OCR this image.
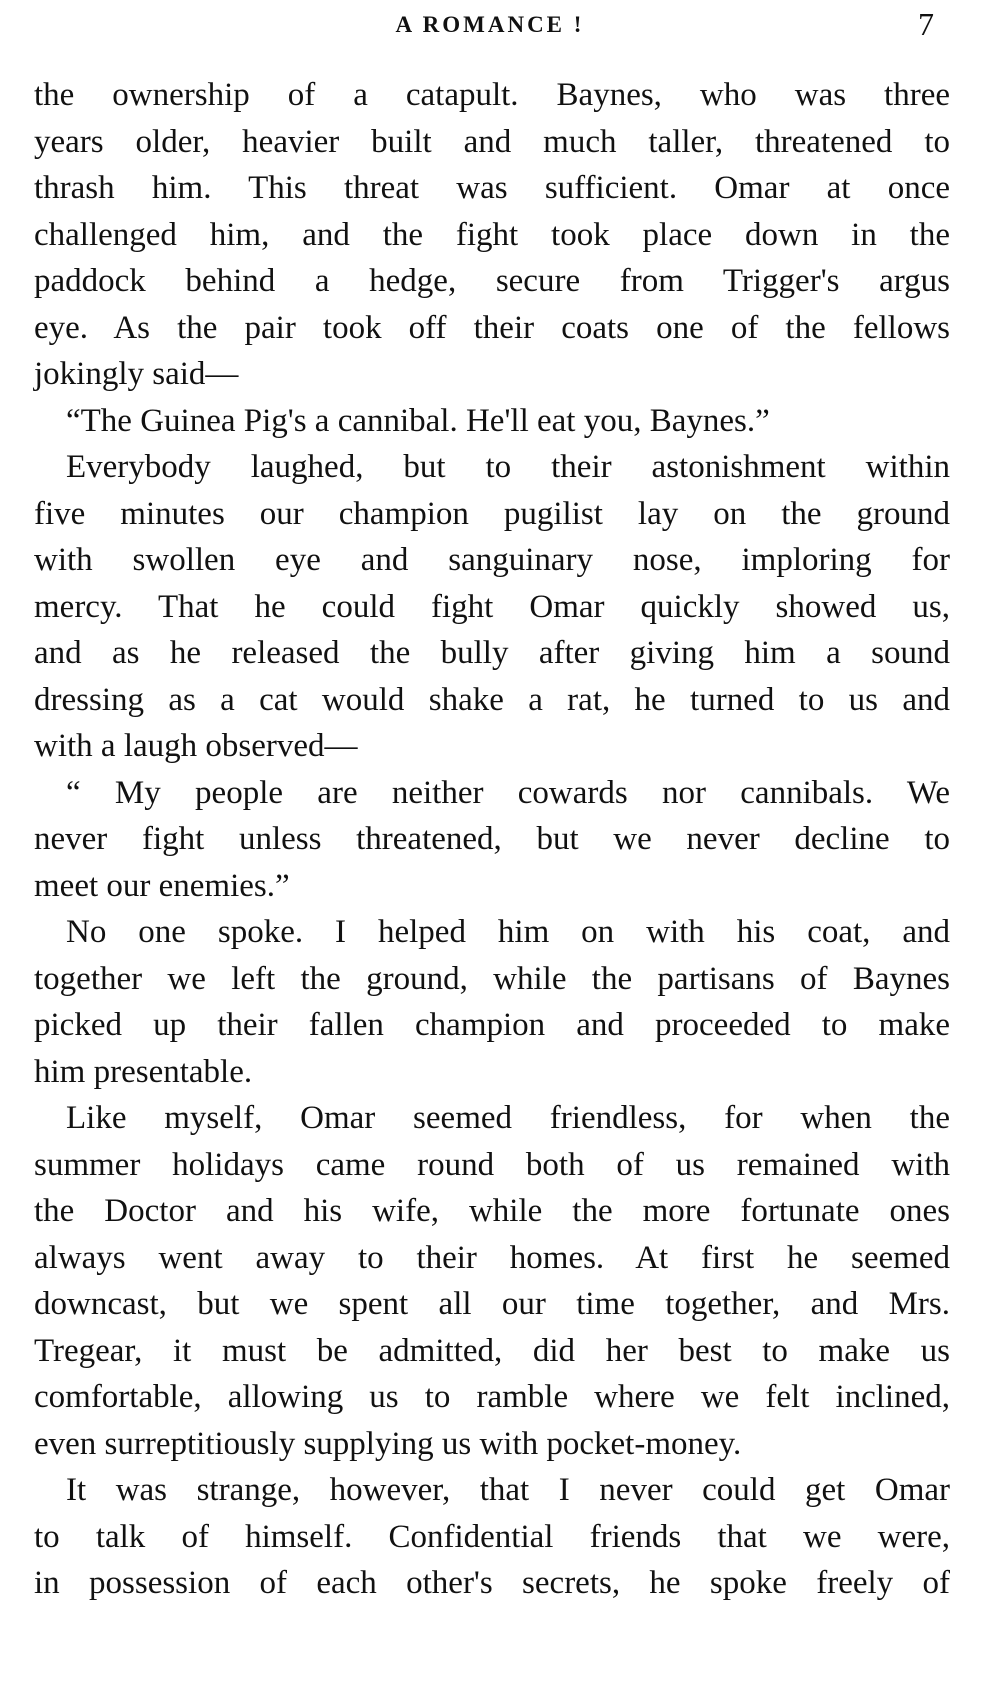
A ROMANCE !	7
the ownership of a catapult. Baynes, who was three
years older, heavier built and much taller, threatened to
thrash him. This threat was sufficient. Omar at once
challenged him, and the fight took place down in the
paddock behind a hedge, secure from Trigger's argus
eye. As the pair took off their coats one of the fellows
jokingly said—
“The Guinea Pig's a cannibal. He'll eat you, Baynes.”
Everybody laughed, but to their astonishment within
five minutes our champion pugilist lay on the ground
with swollen eye and sanguinary nose, imploring for
mercy. That he could fight Omar quickly showed us,
and as he released the bully after giving him a sound
dressing as a cat would shake a rat, he turned to us and
with a laugh observed—
“ My people are neither cowards nor cannibals. We
never fight unless threatened, but we never decline to
meet our enemies.”
No one spoke. I helped him on with his coat, and
together we left the ground, while the partisans of Baynes
picked up their fallen champion and proceeded to make
him presentable.
Like myself, Omar seemed friendless, for when the
summer holidays came round both of us remained with
the Doctor and his wife, while the more fortunate ones
always went away to their homes. At first he seemed
downcast, but we spent all our time together, and Mrs.
Tregear, it must be admitted, did her best to make us
comfortable, allowing us to ramble where we felt inclined,
even surreptitiously supplying us with pocket-money.
It was strange, however, that I never could get Omar
to talk of himself. Confidential friends that we were,
in possession of each other's secrets, he spoke freely of
